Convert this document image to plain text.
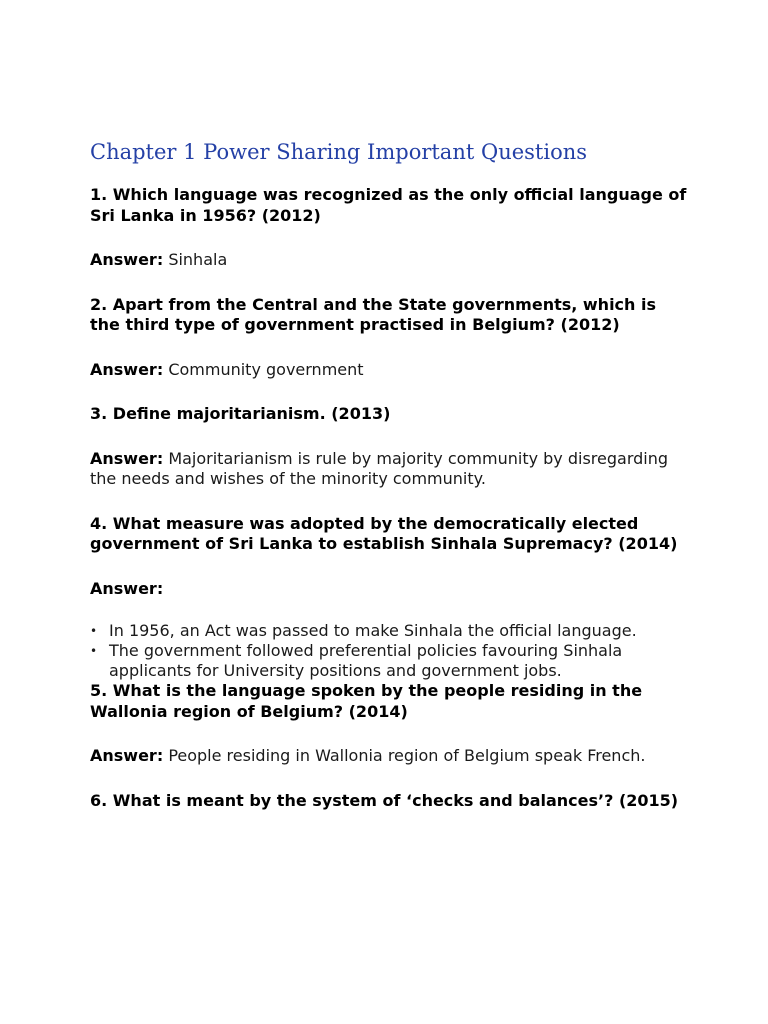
Chapter 1 Power Sharing Important Questions

1. Which language was recognized as the only official language of Sri Lanka in 1956? (2012)

Answer: Sinhala

2. Apart from the Central and the State governments, which is the third type of government practised in Belgium? (2012)

Answer: Community government

3. Define majoritarianism. (2013)

Answer: Majoritarianism is rule by majority community by disregarding the needs and wishes of the minority community.

4. What measure was adopted by the democratically elected government of Sri Lanka to establish Sinhala Supremacy? (2014)

Answer:

• In 1956, an Act was passed to make Sinhala the official language.
• The government followed preferential policies favouring Sinhala applicants for University positions and government jobs.

5. What is the language spoken by the people residing in the Wallonia region of Belgium? (2014)

Answer: People residing in Wallonia region of Belgium speak French.

6. What is meant by the system of ‘checks and balances’? (2015)
